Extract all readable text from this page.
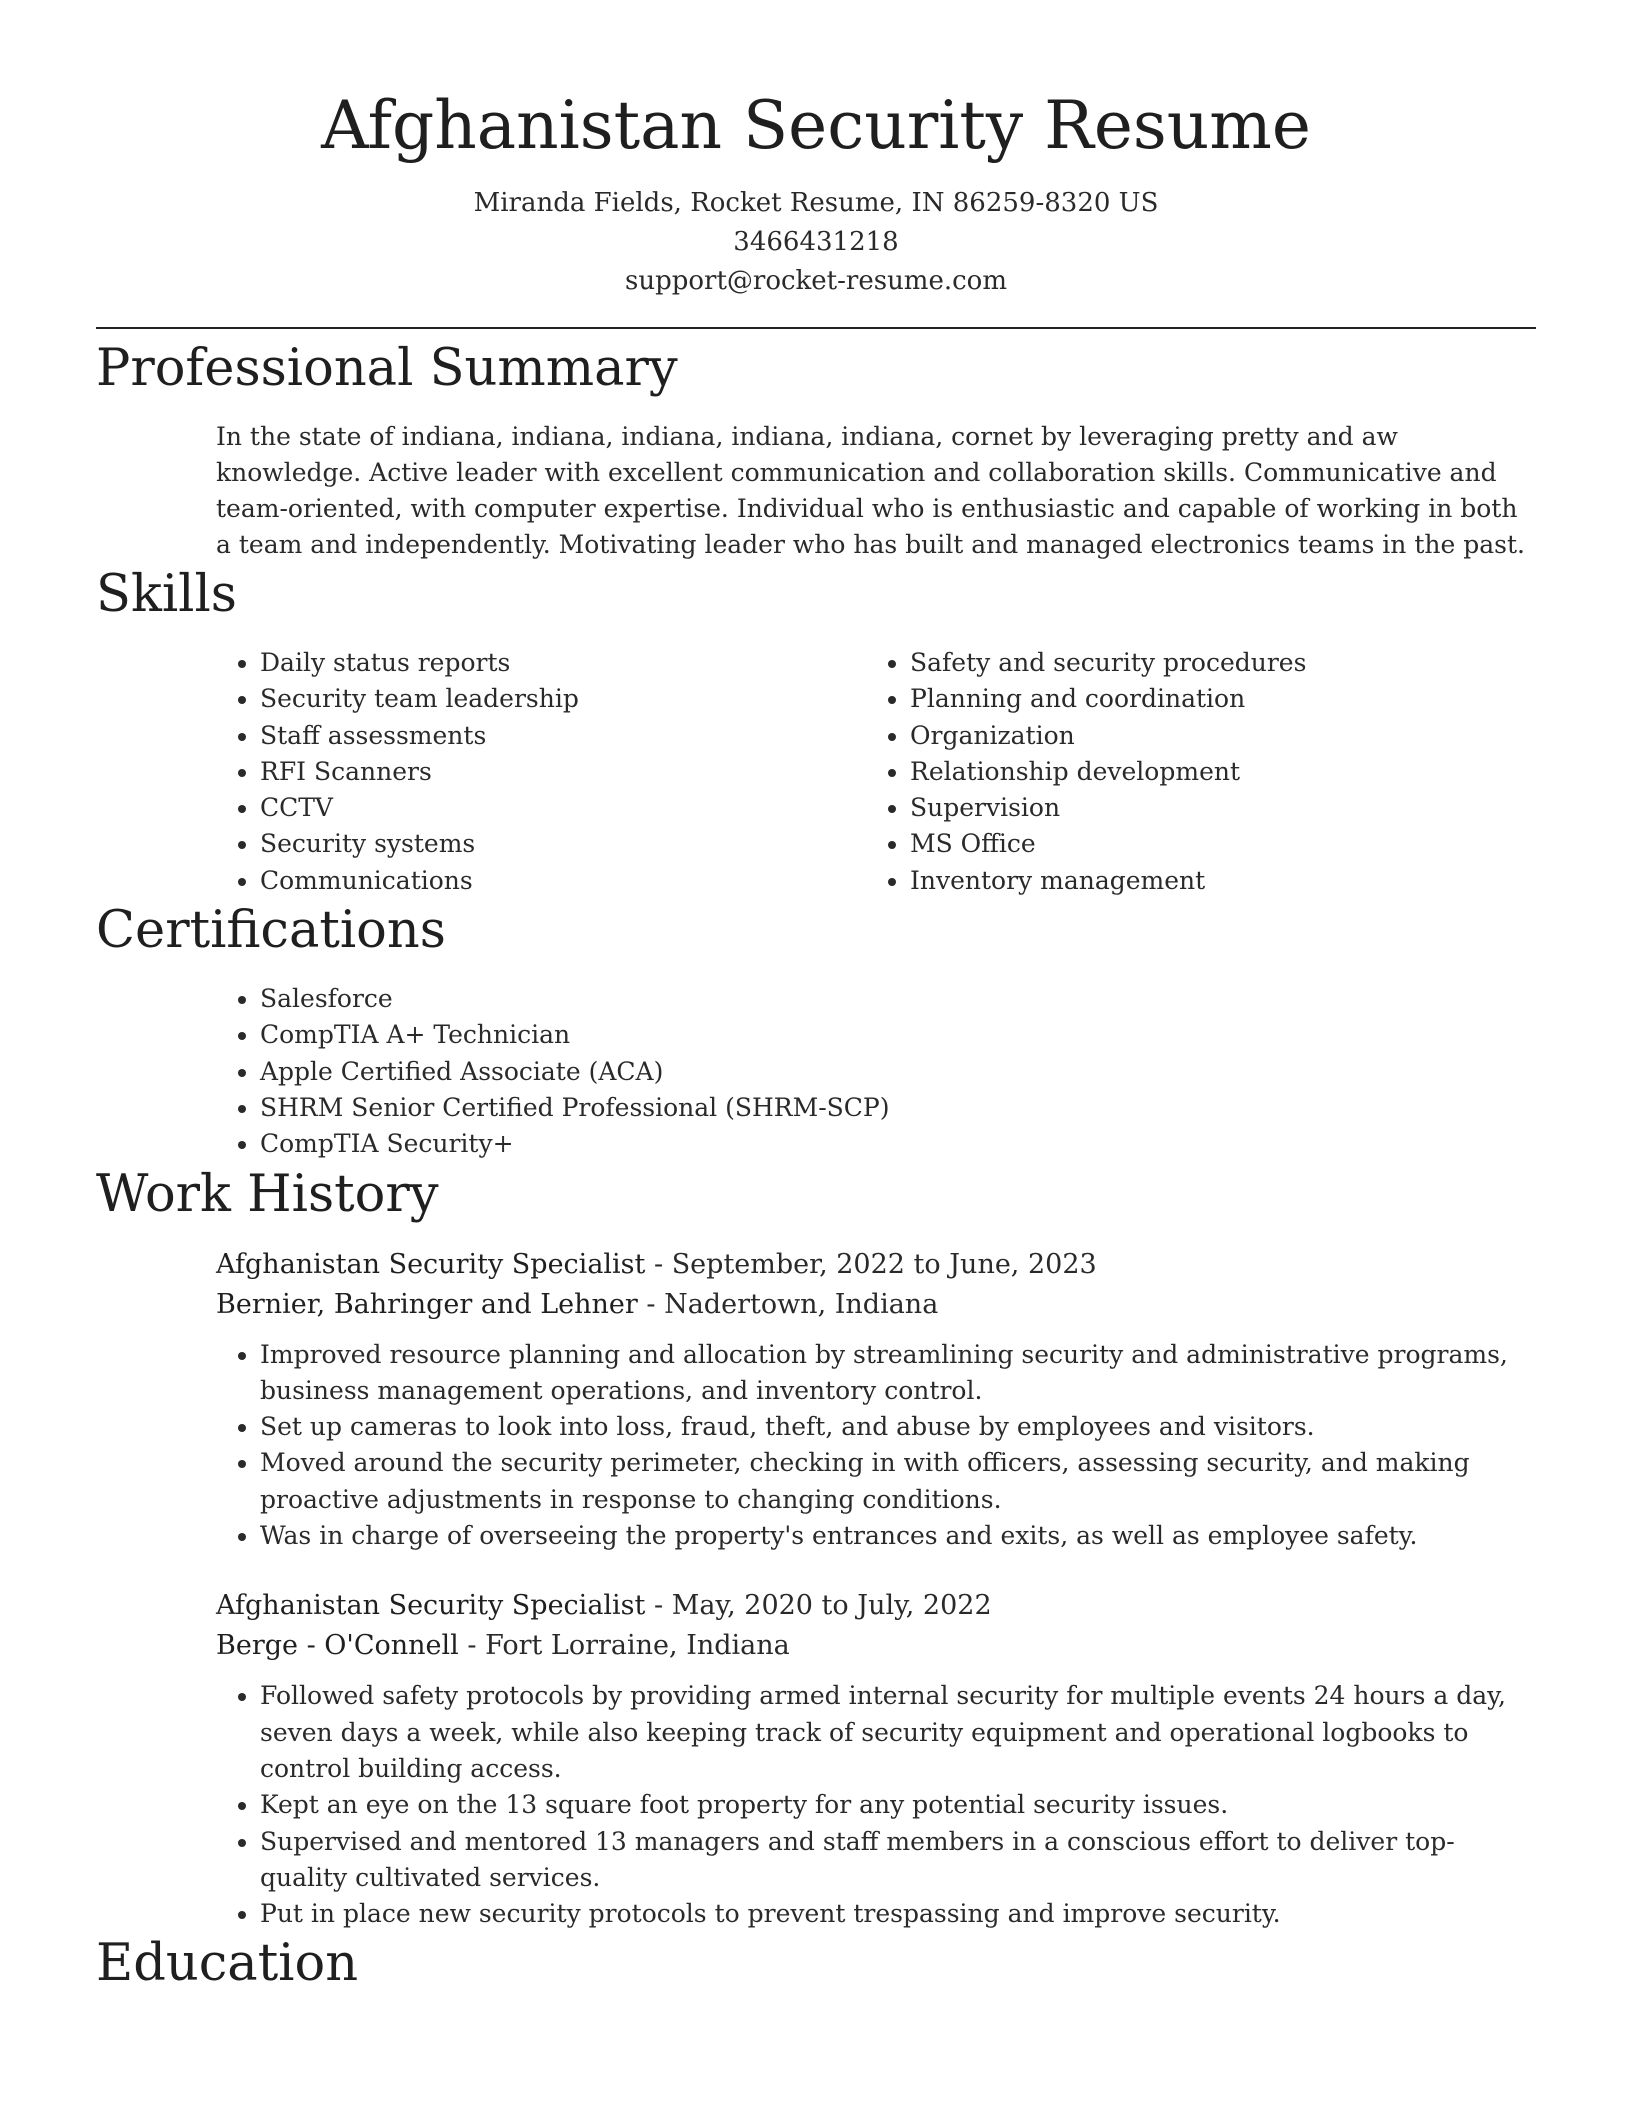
Afghanistan Security Resume
Miranda Fields, Rocket Resume, IN 86259-8320 US
3466431218
support@rocket-resume.com
Professional Summary

In the state of indiana, indiana, indiana, indiana, indiana, cornet by leveraging pretty and aw knowledge. Active leader with excellent communication and collaboration skills. Communicative and team-oriented, with computer expertise. Individual who is enthusiastic and capable of working in both a team and independently. Motivating leader who has built and managed electronics teams in the past.

Skills
• Daily status reports
• Security team leadership
• Staff assessments
• RFI Scanners
• CCTV
• Security systems
• Communications
• Safety and security procedures
• Planning and coordination
• Organization
• Relationship development
• Supervision
• MS Office
• Inventory management
Certifications
• Salesforce
• CompTIA A+ Technician
• Apple Certified Associate (ACA)
• SHRM Senior Certified Professional (SHRM-SCP)
• CompTIA Security+
Work History
Afghanistan Security Specialist - September, 2022 to June, 2023
Bernier, Bahringer and Lehner - Nadertown, Indiana
• Improved resource planning and allocation by streamlining security and administrative programs, business management operations, and inventory control.
• Set up cameras to look into loss, fraud, theft, and abuse by employees and visitors.
• Moved around the security perimeter, checking in with officers, assessing security, and making proactive adjustments in response to changing conditions.
• Was in charge of overseeing the property's entrances and exits, as well as employee safety.
Afghanistan Security Specialist - May, 2020 to July, 2022
Berge - O'Connell - Fort Lorraine, Indiana
• Followed safety protocols by providing armed internal security for multiple events 24 hours a day, seven days a week, while also keeping track of security equipment and operational logbooks to control building access.
• Kept an eye on the 13 square foot property for any potential security issues.
• Supervised and mentored 13 managers and staff members in a conscious effort to deliver top-quality cultivated services.
• Put in place new security protocols to prevent trespassing and improve security.
Education
